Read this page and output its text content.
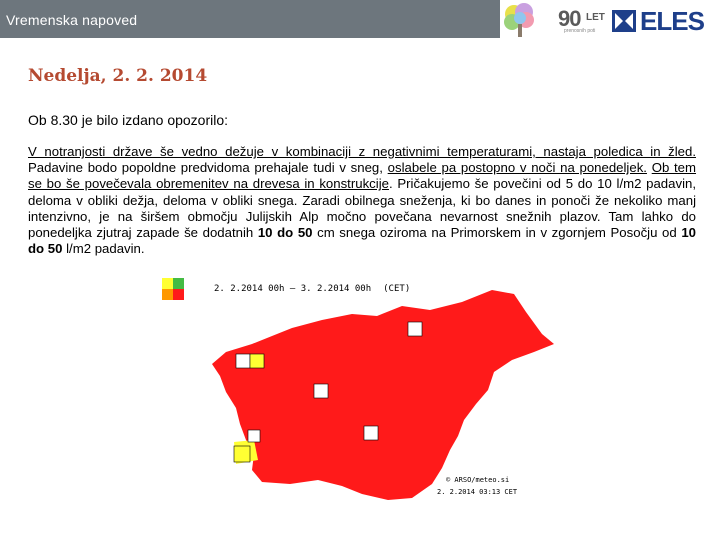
Vremenska napoved	90 LET
prenosnih poti ELES
Nedelja, 2. 2. 2014
Ob 8.30 je bilo izdano opozorilo:
V notranjosti države še vedno dežuje v kombinaciji z negativnimi temperaturami, nastaja poledica in žled. Padavine bodo popoldne predvidoma prehajale tudi v sneg, oslabele pa postopno v noči na ponedeljek. Ob tem se bo še povečevala obremenitev na drevesa in konstrukcije. Pričakujemo še povečini od 5 do 10 l/m2 padavin, deloma v obliki dežja, deloma v obliki snega. Zaradi obilnega sneženja, ki bo danes in ponoči že nekoliko manj intenzivno, je na širšem območju Julijskih Alp močno povečana nevarnost snežnih plazov. Tam lahko do ponedeljka zjutraj zapade še dodatnih 10 do 50 cm snega oziroma na Primorskem in v zgornjem Posočju od 10 do 50 l/m2 padavin.
2. 2.2014 00h — 3. 2.2014 00h (CET)
© ARSO/meteo.si
2. 2.2014 03:13 CET
